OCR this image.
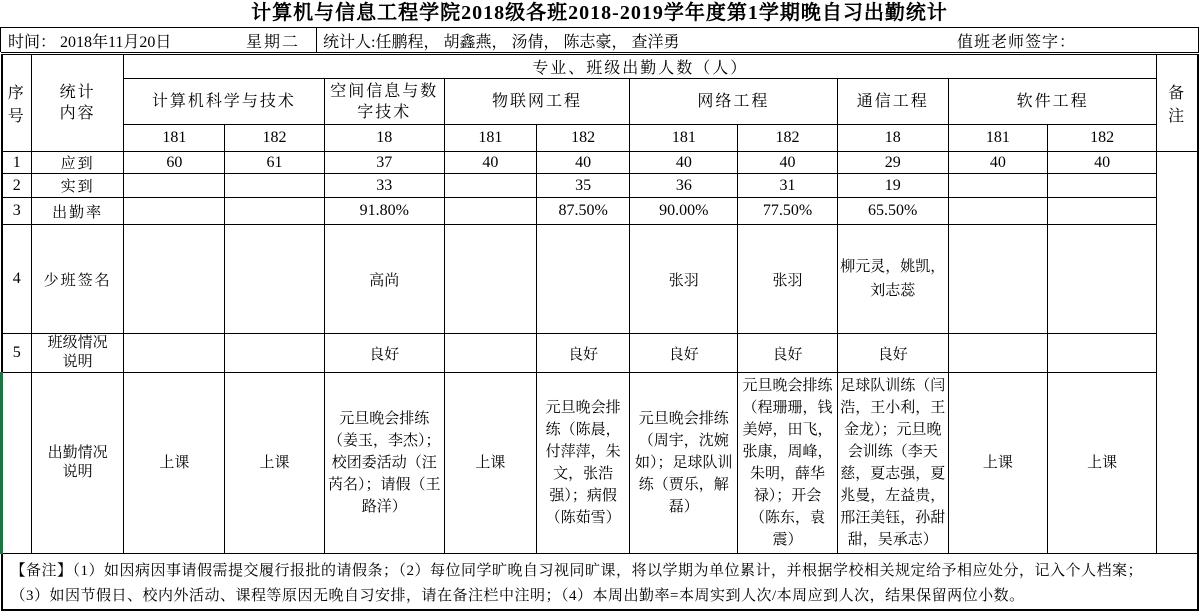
计算机与信息工程学院2018级各班2018-2019学年度第1学期晚自习出勤统计
时间： 2018年11月20日	星期二	统计人:任鹏程， 胡鑫燕， 汤倩， 陈志豪， 查洋勇	值班老师签字：
序号	统计内容	专业、班级出勤人数（人）										备注
		计算机科学与技术		空间信息与数字技术	物联网工程		网络工程		通信工程	软件工程		
		181	182	18	181	182	181	182	18	181	182	
1	应到	60	61	37	40	40	40	40	29	40	40	
2	实到			33		35	36	31	19			
3	出勤率			91.80%		87.50%	90.00%	77.50%	65.50%			
4	少班签名			高尚			张羽	张羽	柳元灵，姚凯，刘志蕊			
5	班级情况说明			良好		良好	良好	良好	良好			

	出勤情况说明	上课	上课	元旦晚会排练（姜玉，李杰）；校团委活动（汪芮名）；请假（王路洋）	上课	元旦晚会排练（陈晨，付萍萍，朱文，张浩强）；病假（陈茹雪）	元旦晚会排练（周宇，沈婉如）；足球队训练（贾乐，解磊）	元旦晚会排练（程珊珊，钱美婷，田飞，张康，周峰，朱明，薛华禄）；开会（陈东，袁震）	足球队训练（闫浩，王小利，王金龙）；元旦晚会训练（李天慈，夏志强，夏兆曼，左益贵，邢汪美钰，孙甜甜，吴承志）	上课	上课	

【备注】（1）如因病因事请假需提交履行报批的请假条；（2）每位同学旷晚自习视同旷课，将以学期为单位累计，并根据学校相关规定给予相应处分，记入个人档案；
（3）如因节假日、校内外活动、课程等原因无晚自习安排，请在备注栏中注明；（4）本周出勤率=本周实到人次/本周应到人次，结果保留两位小数。												
